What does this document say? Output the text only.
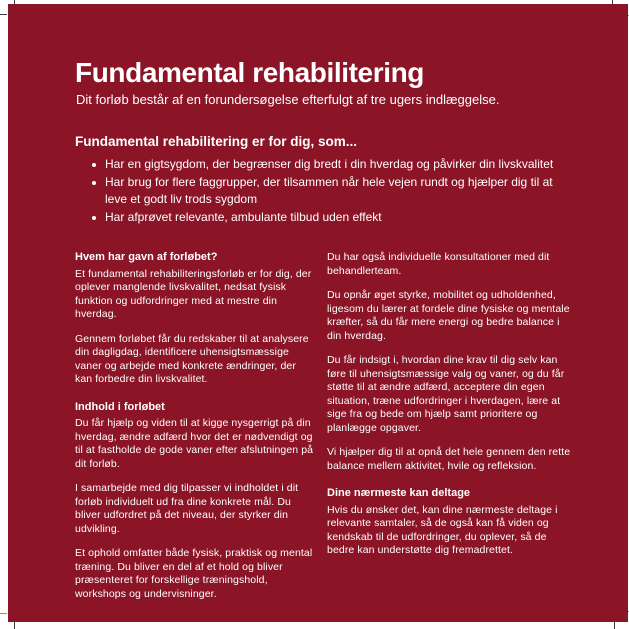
Fundamental rehabilitering

Dit forløb består af en forundersøgelse efterfulgt af tre ugers indlæggelse.

Fundamental rehabilitering er for dig, som...
Har en gigtsygdom, der begrænser dig bredt i din hverdag og påvirker din livskvalitet
Har brug for flere faggrupper, der tilsammen når hele vejen rundt og hjælper dig til at leve et godt liv trods sygdom
Har afprøvet relevante, ambulante tilbud uden effekt
Hvem har gavn af forløbet?

Et fundamental rehabiliteringsforløb er for dig, der oplever manglende livskvalitet, nedsat fysisk funktion og udfordringer med at mestre din hverdag.

Gennem forløbet får du redskaber til at analysere din dagligdag, identificere uhensigtsmæssige vaner og arbejde med konkrete ændringer, der kan forbedre din livskvalitet.

Indhold i forløbet

Du får hjælp og viden til at kigge nysgerrigt på din hverdag, ændre adfærd hvor det er nødvendigt og til at fastholde de gode vaner efter afslutningen på dit forløb.

I samarbejde med dig tilpasser vi indholdet i dit forløb individuelt ud fra dine konkrete mål. Du bliver udfordret på det niveau, der styrker din udvikling.

Et ophold omfatter både fysisk, praktisk og mental træning. Du bliver en del af et hold og bliver præsenteret for forskellige træningshold, workshops og undervisninger.

Du har også individuelle konsultationer med dit behandlerteam.

Du opnår øget styrke, mobilitet og udholdenhed, ligesom du lærer at fordele dine fysiske og mentale kræfter, så du får mere energi og bedre balance i din hverdag.

Du får indsigt i, hvordan dine krav til dig selv kan føre til uhensigtsmæssige valg og vaner, og du får støtte til at ændre adfærd, acceptere din egen situation, træne udfordringer i hverdagen, lære at sige fra og bede om hjælp samt prioritere og planlægge opgaver.

Vi hjælper dig til at opnå det hele gennem den rette balance mellem aktivitet, hvile og refleksion.

Dine nærmeste kan deltage

Hvis du ønsker det, kan dine nærmeste deltage i relevante samtaler, så de også kan få viden og kendskab til de udfordringer, du oplever, så de bedre kan understøtte dig fremadrettet.
